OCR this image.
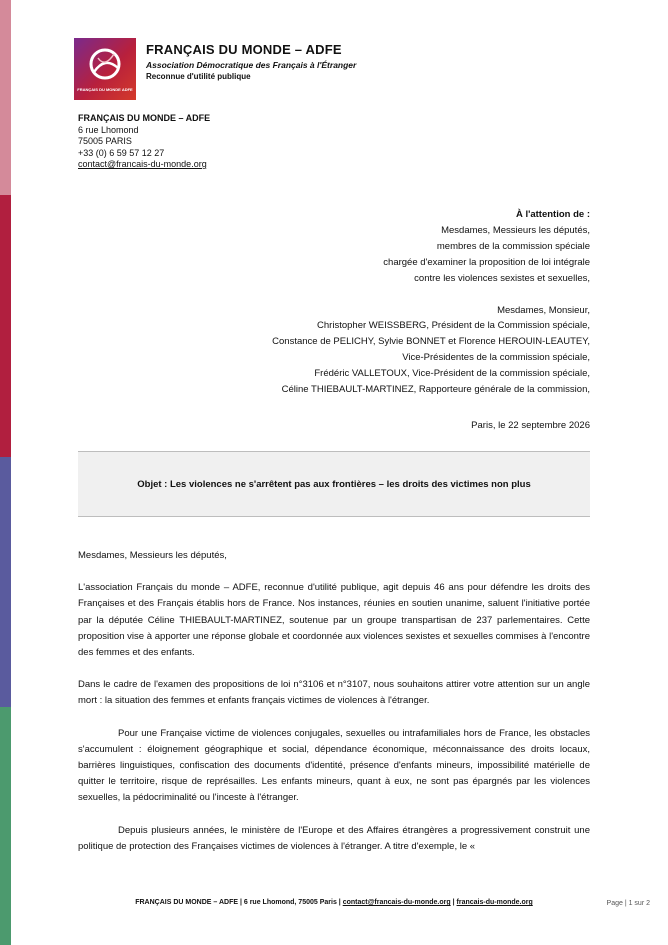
FRANÇAIS DU MONDE ADFE
FRANÇAIS DU MONDE – ADFE
Association Démocratique des Français à l'Étranger
Reconnue d'utilité publique
FRANÇAIS DU MONDE – ADFE
6 rue Lhomond
75005 PARIS
+33 (0) 6 59 57 12 27
contact@francais-du-monde.org
À l'attention de :
Mesdames, Messieurs les députés,
membres de la commission spéciale
chargée d'examiner la proposition de loi intégrale
contre les violences sexistes et sexuelles,
Mesdames, Monsieur,
Christopher WEISSBERG, Président de la Commission spéciale,
Constance de PELICHY, Sylvie BONNET et Florence HEROUIN-LEAUTEY,
Vice-Présidentes de la commission spéciale,
Frédéric VALLETOUX, Vice-Président de la commission spéciale,
Céline THIEBAULT-MARTINEZ, Rapporteure générale de la commission,
Paris, le 22 septembre 2026
Objet : Les violences ne s'arrêtent pas aux frontières – les droits des victimes non plus

Mesdames, Messieurs les députés,

L'association Français du monde – ADFE, reconnue d'utilité publique, agit depuis 46 ans pour défendre les droits des Françaises et des Français établis hors de France. Nos instances, réunies en soutien unanime, saluent l'initiative portée par la députée Céline THIEBAULT-MARTINEZ, soutenue par un groupe transpartisan de 237 parlementaires. Cette proposition vise à apporter une réponse globale et coordonnée aux violences sexistes et sexuelles commises à l'encontre des femmes et des enfants.

Dans le cadre de l'examen des propositions de loi n°3106 et n°3107, nous souhaitons attirer votre attention sur un angle mort : la situation des femmes et enfants français victimes de violences à l'étranger.

Pour une Française victime de violences conjugales, sexuelles ou intrafamiliales hors de France, les obstacles s'accumulent : éloignement géographique et social, dépendance économique, méconnaissance des droits locaux, barrières linguistiques, confiscation des documents d'identité, présence d'enfants mineurs, impossibilité matérielle de quitter le territoire, risque de représailles. Les enfants mineurs, quant à eux, ne sont pas épargnés par les violences sexuelles, la pédocriminalité ou l'inceste à l'étranger.

Depuis plusieurs années, le ministère de l'Europe et des Affaires étrangères a progressivement construit une politique de protection des Françaises victimes de violences à l'étranger. A titre d'exemple, le «

FRANÇAIS DU MONDE – ADFE | 6 rue Lhomond, 75005 Paris | contact@francais-du-monde.org | francais-du-monde.org	Page | 1 sur 2
